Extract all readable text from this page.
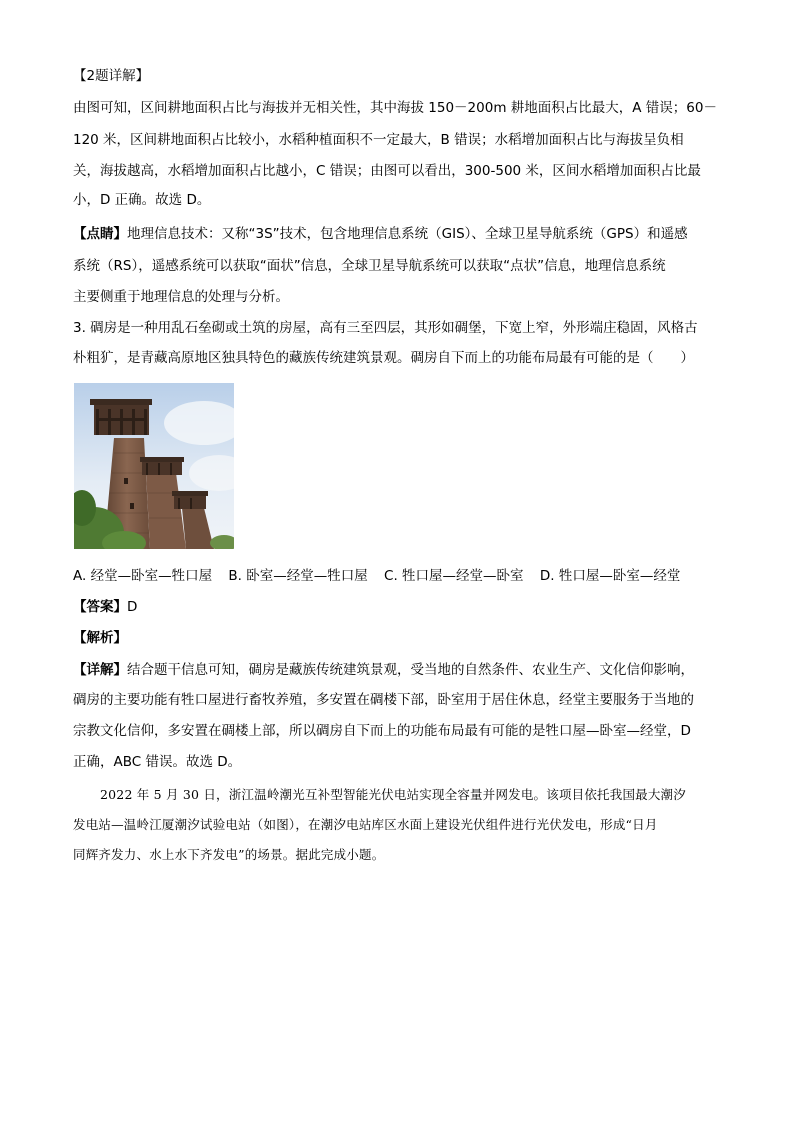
【2题详解】
由图可知，区间耕地面积占比与海拔并无相关性，其中海拔 150－200m 耕地面积占比最大，A 错误；60－
120 米，区间耕地面积占比较小，水稻种植面积不一定最大，B 错误；水稻增加面积占比与海拔呈负相
关，海拔越高，水稻增加面积占比越小，C 错误；由图可以看出，300-500 米，区间水稻增加面积占比最
小，D 正确。故选 D。
【点睛】地理信息技术：又称“3S”技术，包含地理信息系统（GIS）、全球卫星导航系统（GPS）和遥感
系统（RS），遥感系统可以获取“面状”信息，全球卫星导航系统可以获取“点状”信息，地理信息系统
主要侧重于地理信息的处理与分析。
3. 碉房是一种用乱石垒砌或土筑的房屋，高有三至四层，其形如碉堡，下宽上窄，外形端庄稳固，风格古
朴粗犷，是青藏高原地区独具特色的藏族传统建筑景观。碉房自下而上的功能布局最有可能的是（　　）
A. 经堂—卧室—牲口屋 B. 卧室—经堂—牲口屋 C. 牲口屋—经堂—卧室 D. 牲口屋—卧室—经堂
【答案】D
【解析】
【详解】结合题干信息可知，碉房是藏族传统建筑景观，受当地的自然条件、农业生产、文化信仰影响，
碉房的主要功能有牲口屋进行畜牧养殖，多安置在碉楼下部，卧室用于居住休息，经堂主要服务于当地的
宗教文化信仰，多安置在碉楼上部，所以碉房自下而上的功能布局最有可能的是牲口屋—卧室—经堂，D
正确，ABC 错误。故选 D。
2022 年 5 月 30 日，浙江温岭潮光互补型智能光伏电站实现全容量并网发电。该项目依托我国最大潮汐
发电站—温岭江厦潮汐试验电站（如图），在潮汐电站库区水面上建设光伏组件进行光伏发电，形成“日月
同辉齐发力、水上水下齐发电”的场景。据此完成小题。
